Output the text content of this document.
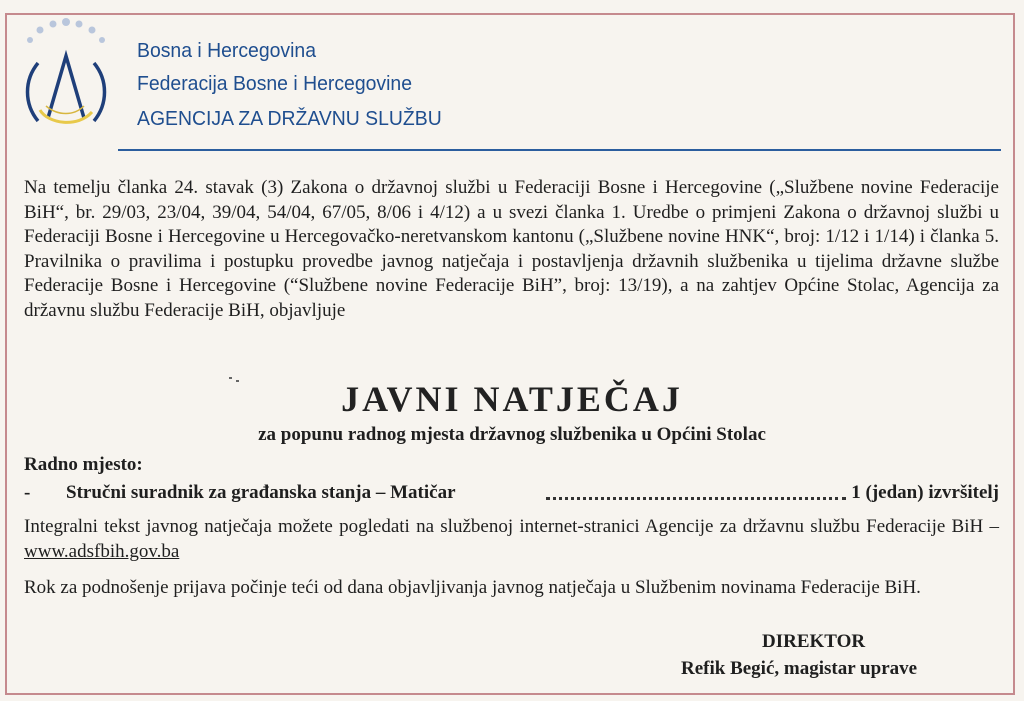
Bosna i Hercegovina
Federacija Bosne i Hercegovine
AGENCIJA ZA DRŽAVNU SLUŽBU
Na temelju članka 24. stavak (3) Zakona o državnoj službi u Federaciji Bosne i Hercegovine („Službene novine Federacije BiH“, br. 29/03, 23/04, 39/04, 54/04, 67/05, 8/06 i 4/12) a u svezi članka 1. Uredbe o primjeni Zakona o državnoj službi u Federaciji Bosne i Hercegovine u Hercegovačko-neretvanskom kantonu („Službene novine HNK“, broj: 1/12 i 1/14) i članka 5. Pravilnika o pravilima i postupku provedbe javnog natječaja i postavljenja državnih službenika u tijelima državne službe Federacije Bosne i Hercegovine (“Službene novine Federacije BiH”, broj: 13/19), a na zahtjev Općine Stolac, Agencija za državnu službu Federacije BiH, objavljuje
JAVNI NATJEČAJ
za popunu radnog mjesta državnog službenika u Općini Stolac
Radno mjesto:
- Stručni suradnik za građanska stanja – Matičar	1 (jedan) izvršitelj
Integralni tekst javnog natječaja možete pogledati na službenoj internet-stranici Agencije za državnu službu Federacije BiH – www.adsfbih.gov.ba
Rok za podnošenje prijava počinje teći od dana objavljivanja javnog natječaja u Službenim novinama Federacije BiH.
DIREKTOR
Refik Begić, magistar uprave
